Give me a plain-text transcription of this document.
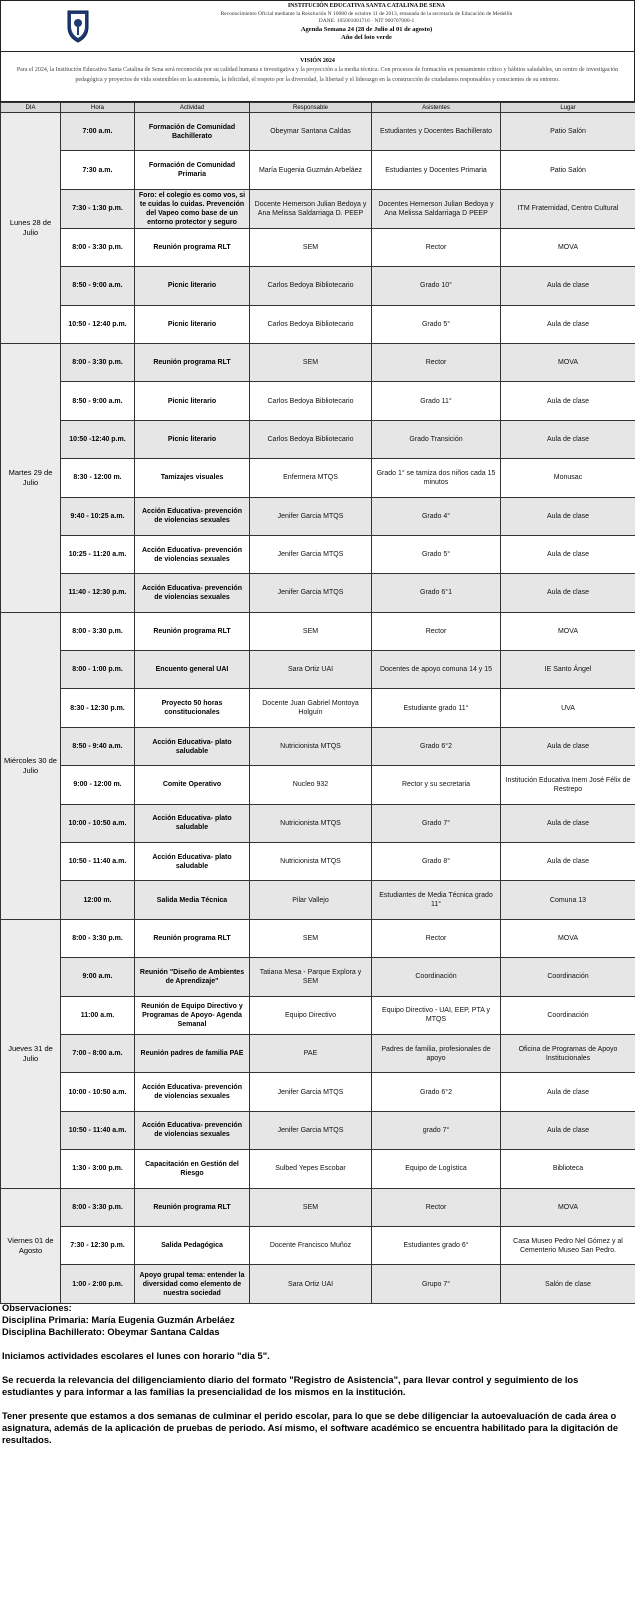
INSTITUCIÓN EDUCATIVA SANTA CATALINA DE SENA
Reconocimiento Oficial mediante la Resolución N 10080 de octubre 11 de 2013, emanada de la secretaría de Educación de Medellín
DANE: 105001001716 · NIT 900707080-1
Agenda Semana 24 (28 de Julio al 01 de agosto)
Año del loto verde
VISIÓN 2024
Para el 2024, la Institución Educativa Santa Catalina de Sena será reconocida por su calidad humana e investigativa y la proyección a la media técnica. Con procesos de formación en pensamiento crítico y hábitos saludables, un centro de investigación pedagógica y proyectos de vida sostenibles en la autonomía, la felicidad, el respeto por la diversidad, la libertad y el liderazgo en la construcción de ciudadanos responsables y conscientes de su entorno.
DIA	Hora	Actividad	Responsable	Asistentes	Lugar
Lunes 28 de Julio	7:00 a.m.	Formación de Comunidad Bachillerato	Obeymar Santana Caldas	Estudiantes y Docentes Bachillerato	Patio Salón
	7:30 a.m.	Formación de Comunidad Primaria	María Eugenia Guzmán Arbeláez	Estudiantes y Docentes Primaria	Patio Salón
	7:30 - 1:30 p.m.	Foro: el colegio es como vos, si te cuidas lo cuidas. Prevención del Vapeo como base de un entorno protector y seguro	Docente Hemerson Julian Bedoya y Ana Melissa Saldarriaga D. PEEP	Docentes Hemerson Julian Bedoya y Ana Melissa Saldarriaga D PEEP	ITM Fraternidad, Centro Cultural
	8:00 - 3:30 p.m.	Reunión programa RLT	SEM	Rector	MOVA
	8:50 - 9:00 a.m.	Picnic literario	Carlos Bedoya Bibliotecario	Grado 10°	Aula de clase
	10:50 - 12:40 p.m.	Picnic literario	Carlos Bedoya Bibliotecario	Grado 5°	Aula de clase
Martes 29 de Julio	8:00 - 3:30 p.m.	Reunión programa RLT	SEM	Rector	MOVA
	8:50 - 9:00 a.m.	Picnic literario	Carlos Bedoya Bibliotecario	Grado 11°	Aula de clase
	10:50 -12:40 p.m.	Picnic literario	Carlos Bedoya Bibliotecario	Grado Transición	Aula de clase
	8:30 - 12:00 m.	Tamizajes visuales	Enfermera MTQS	Grado 1° se tamiza dos niños cada 15 minutos	Monusac
	9:40 - 10:25 a.m.	Acción Educativa- prevención de violencias sexuales	Jenifer Garcia MTQS	Grado 4°	Aula de clase
	10:25 - 11:20 a.m.	Acción Educativa- prevención de violencias sexuales	Jenifer Garcia MTQS	Grado 5°	Aula de clase
	11:40 - 12:30 p.m.	Acción Educativa- prevención de violencias sexuales	Jenifer Garcia MTQS	Grado 6°1	Aula de clase
Miércoles 30 de Julio	8:00 - 3:30 p.m.	Reunión programa RLT	SEM	Rector	MOVA
	8:00 - 1:00 p.m.	Encuento general UAI	Sara Ortiz UAI	Docentes de apoyo comuna 14 y 15	IE Santo Ángel
	8:30 - 12:30 p.m.	Proyecto 50 horas constitucionales	Docente Juan Gabriel Montoya Holguín	Estudiante grado 11°	UVA
	8:50 - 9:40 a.m.	Acción Educativa- plato saludable	Nutricionista MTQS	Grado 6°2	Aula de clase
	9:00 - 12:00 m.	Comite Operativo	Nucleo 932	Rector y su secretaria	Institución Educativa Inem José Félix de Restrepo
	10:00 - 10:50 a.m.	Acción Educativa- plato saludable	Nutricionista MTQS	Grado 7°	Aula de clase
	10:50 - 11:40 a.m.	Acción Educativa- plato saludable	Nutricionista MTQS	Grado 8°	Aula de clase
	12:00 m.	Salida Media Técnica	Pilar Vallejo	Estudiantes de Media Técnica grado 11°	Comuna 13
Jueves 31 de Julio	8:00 - 3:30 p.m.	Reunión programa RLT	SEM	Rector	MOVA
	9:00 a.m.	Reunión "Diseño de Ambientes de Aprendizaje"	Tatiana Mesa - Parque Explora y SEM	Coordinación	Coordinación
	11:00 a.m.	Reunión de Equipo Directivo y Programas de Apoyo- Agenda Semanal	Equipo Directivo	Equipo Directivo - UAI, EEP, PTA y MTQS	Coordinación
	7:00 - 8:00 a.m.	Reunión padres de familia PAE	PAE	Padres de familia, profesionales de apoyo	Oficina de Programas de Apoyo Institucionales
	10:00 - 10:50 a.m.	Acción Educativa- prevención de violencias sexuales	Jenifer Garcia MTQS	Grado 6°2	Aula de clase
	10:50 - 11:40 a.m.	Acción Educativa- prevención de violencias sexuales	Jenifer Garcia MTQS	grado 7°	Aula de clase
	1:30 - 3:00 p.m.	Capacitación en Gestión del Riesgo	Sulbed Yepes Escobar	Equipo de Logística	Biblioteca
Viernes 01 de Agosto	8:00 - 3:30 p.m.	Reunión programa RLT	SEM	Rector	MOVA
	7:30 - 12:30 p.m.	Salida Pedagógica	Docente Francisco Muñoz	Estudiantes grado 6°	Casa Museo Pedro Nel Gómez y al Cementerio Museo San Pedro.
	1:00 - 2:00 p.m.	Apoyo grupal tema: entender la diversidad como elemento de nuestra sociedad	Sara Ortiz UAI	Grupo 7°	Salón de clase

Observaciones:

Disciplina Primaria: María Eugenia Guzmán Arbeláez

Disciplina Bachillerato: Obeymar Santana Caldas

Iniciamos actividades escolares el lunes con horario "dia 5".

Se recuerda la relevancia del diligenciamiento diario del formato "Registro de Asistencia", para llevar control y seguimiento de los estudiantes y para informar a las familias la presencialidad de los mismos en la institución.

Tener presente que estamos a dos semanas de culminar el perido escolar, para lo que se debe diligenciar la autoevaluación de cada área o asignatura, además de la aplicación de pruebas de periodo. Así mismo, el software académico se encuentra habilitado para la digitación de resultados.
